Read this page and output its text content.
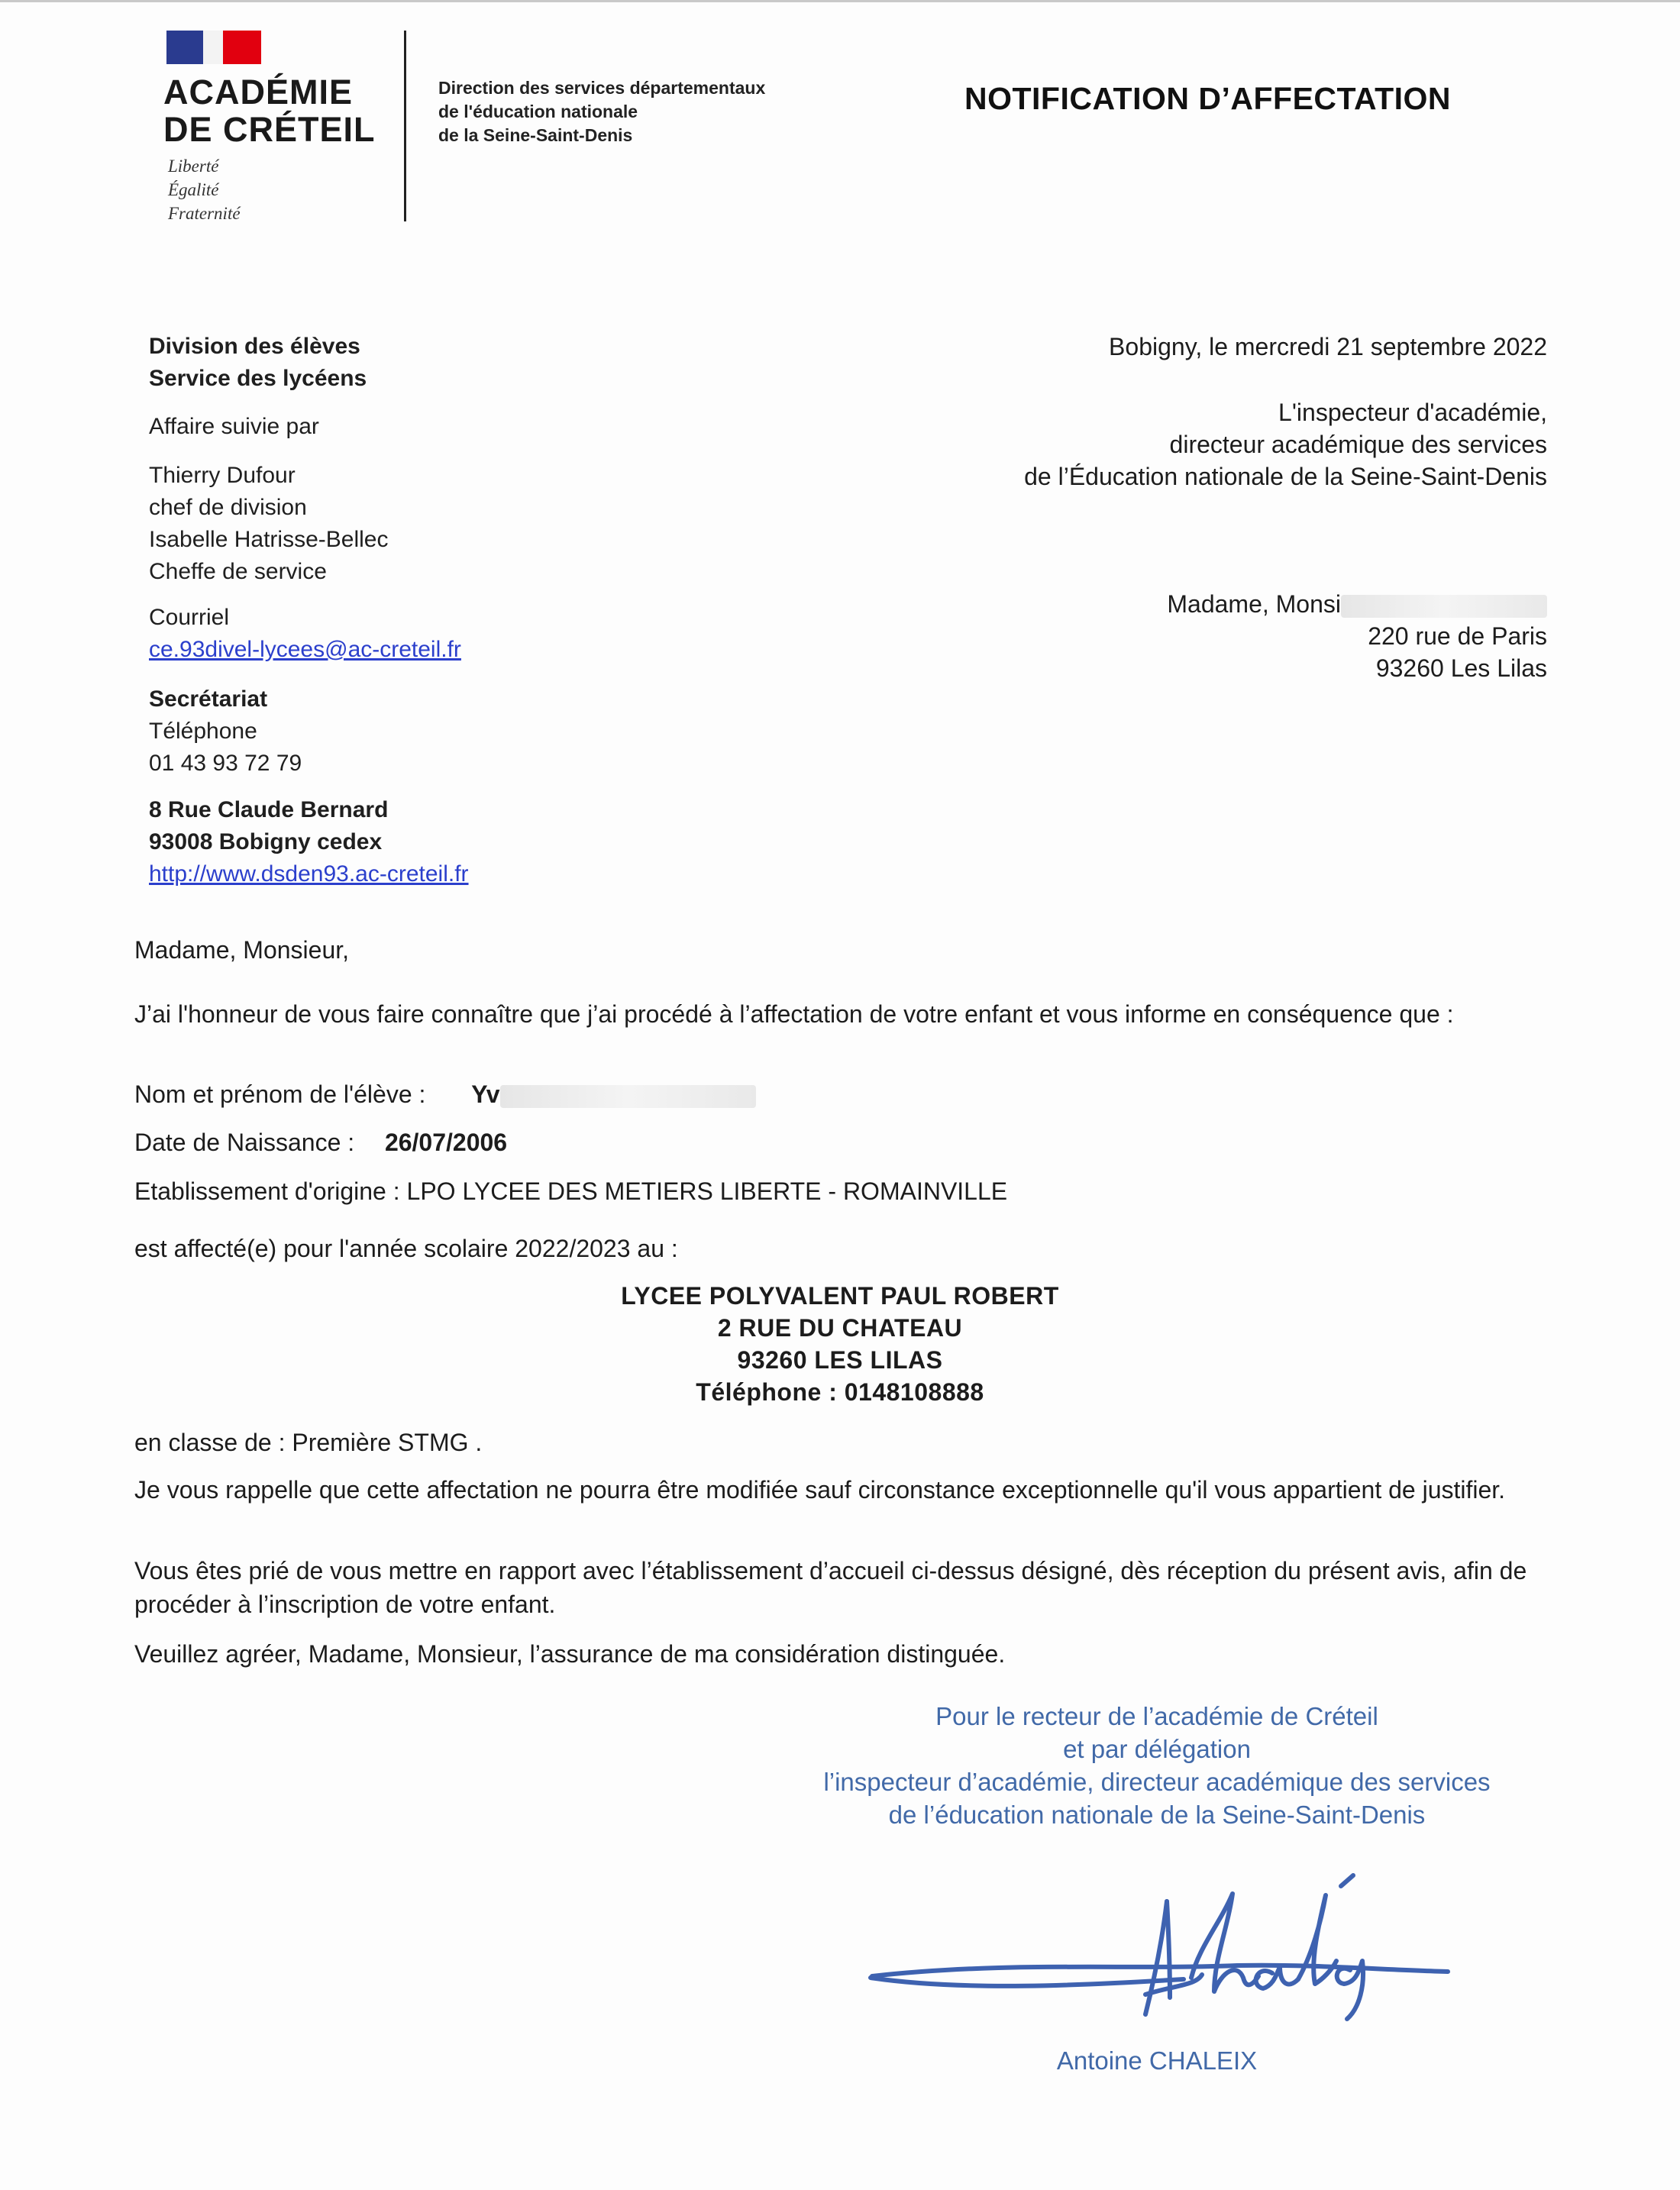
ACADÉMIE
DE CRÉTEIL
Liberté
Égalité
Fraternité
Direction des services départementaux
de l'éducation nationale
de la Seine-Saint-Denis
NOTIFICATION D’AFFECTATION
Division des élèves
Service des lycéens
Affaire suivie par
Thierry Dufour
chef de division
Isabelle Hatrisse-Bellec
Cheffe de service
Courriel
ce.93divel-lycees@ac-creteil.fr
Secrétariat
Téléphone
01 43 93 72 79
8 Rue Claude Bernard
93008 Bobigny cedex
http://www.dsden93.ac-creteil.fr
Bobigny, le mercredi 21 septembre 2022
L'inspecteur d'académie,
directeur académique des services
de l’Éducation nationale de la Seine-Saint-Denis
Madame, Monsi
220 rue de Paris
93260 Les Lilas
Madame, Monsieur,
J’ai l'honneur de vous faire connaître que j’ai procédé à l’affectation de votre enfant et vous informe en conséquence que :
Nom et prénom de l'élève : Yv
Date de Naissance : 26/07/2006
Etablissement d'origine : LPO LYCEE DES METIERS LIBERTE - ROMAINVILLE
est affecté(e) pour l'année scolaire 2022/2023 au :
LYCEE POLYVALENT PAUL ROBERT
2 RUE DU CHATEAU
93260 LES LILAS
Téléphone : 0148108888
en classe de : Première STMG .
Je vous rappelle que cette affectation ne pourra être modifiée sauf circonstance exceptionnelle qu'il vous appartient de justifier.
Vous êtes prié de vous mettre en rapport avec l’établissement d’accueil ci-dessus désigné, dès réception du présent avis, afin de procéder à l’inscription de votre enfant.
Veuillez agréer, Madame, Monsieur, l’assurance de ma considération distinguée.
Pour le recteur de l’académie de Créteil
et par délégation
l’inspecteur d’académie, directeur académique des services
de l’éducation nationale de la Seine-Saint-Denis
Antoine CHALEIX
